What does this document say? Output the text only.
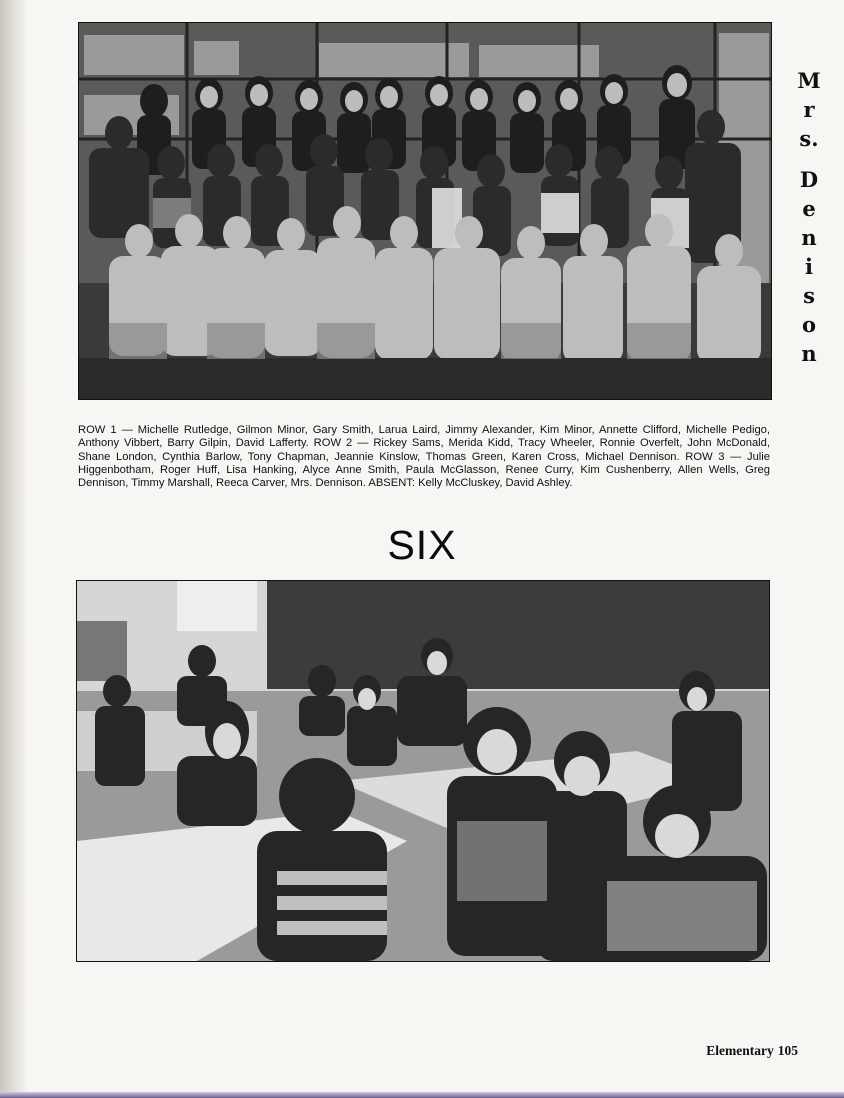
M
r
s.
D
e
n
i
s
o
n

ROW 1 — Michelle Rutledge, Gilmon Minor, Gary Smith, Larua Laird, Jimmy Alexander, Kim Minor, Annette Clifford, Michelle Pedigo, Anthony Vibbert, Barry Gilpin, David Lafferty. ROW 2 — Rickey Sams, Merida Kidd, Tracy Wheeler, Ronnie Overfelt, John McDonald, Shane London, Cynthia Barlow, Tony Chapman, Jeannie Kinslow, Thomas Green, Karen Cross, Michael Dennison. ROW 3 — Julie Higgenbotham, Roger Huff, Lisa Hanking, Alyce Anne Smith, Paula McGlasson, Renee Curry, Kim Cushenberry, Allen Wells, Greg Dennison, Timmy Marshall, Reeca Carver, Mrs. Dennison. ABSENT: Kelly McCluskey, David Ashley.

SIX
Elementary 105
